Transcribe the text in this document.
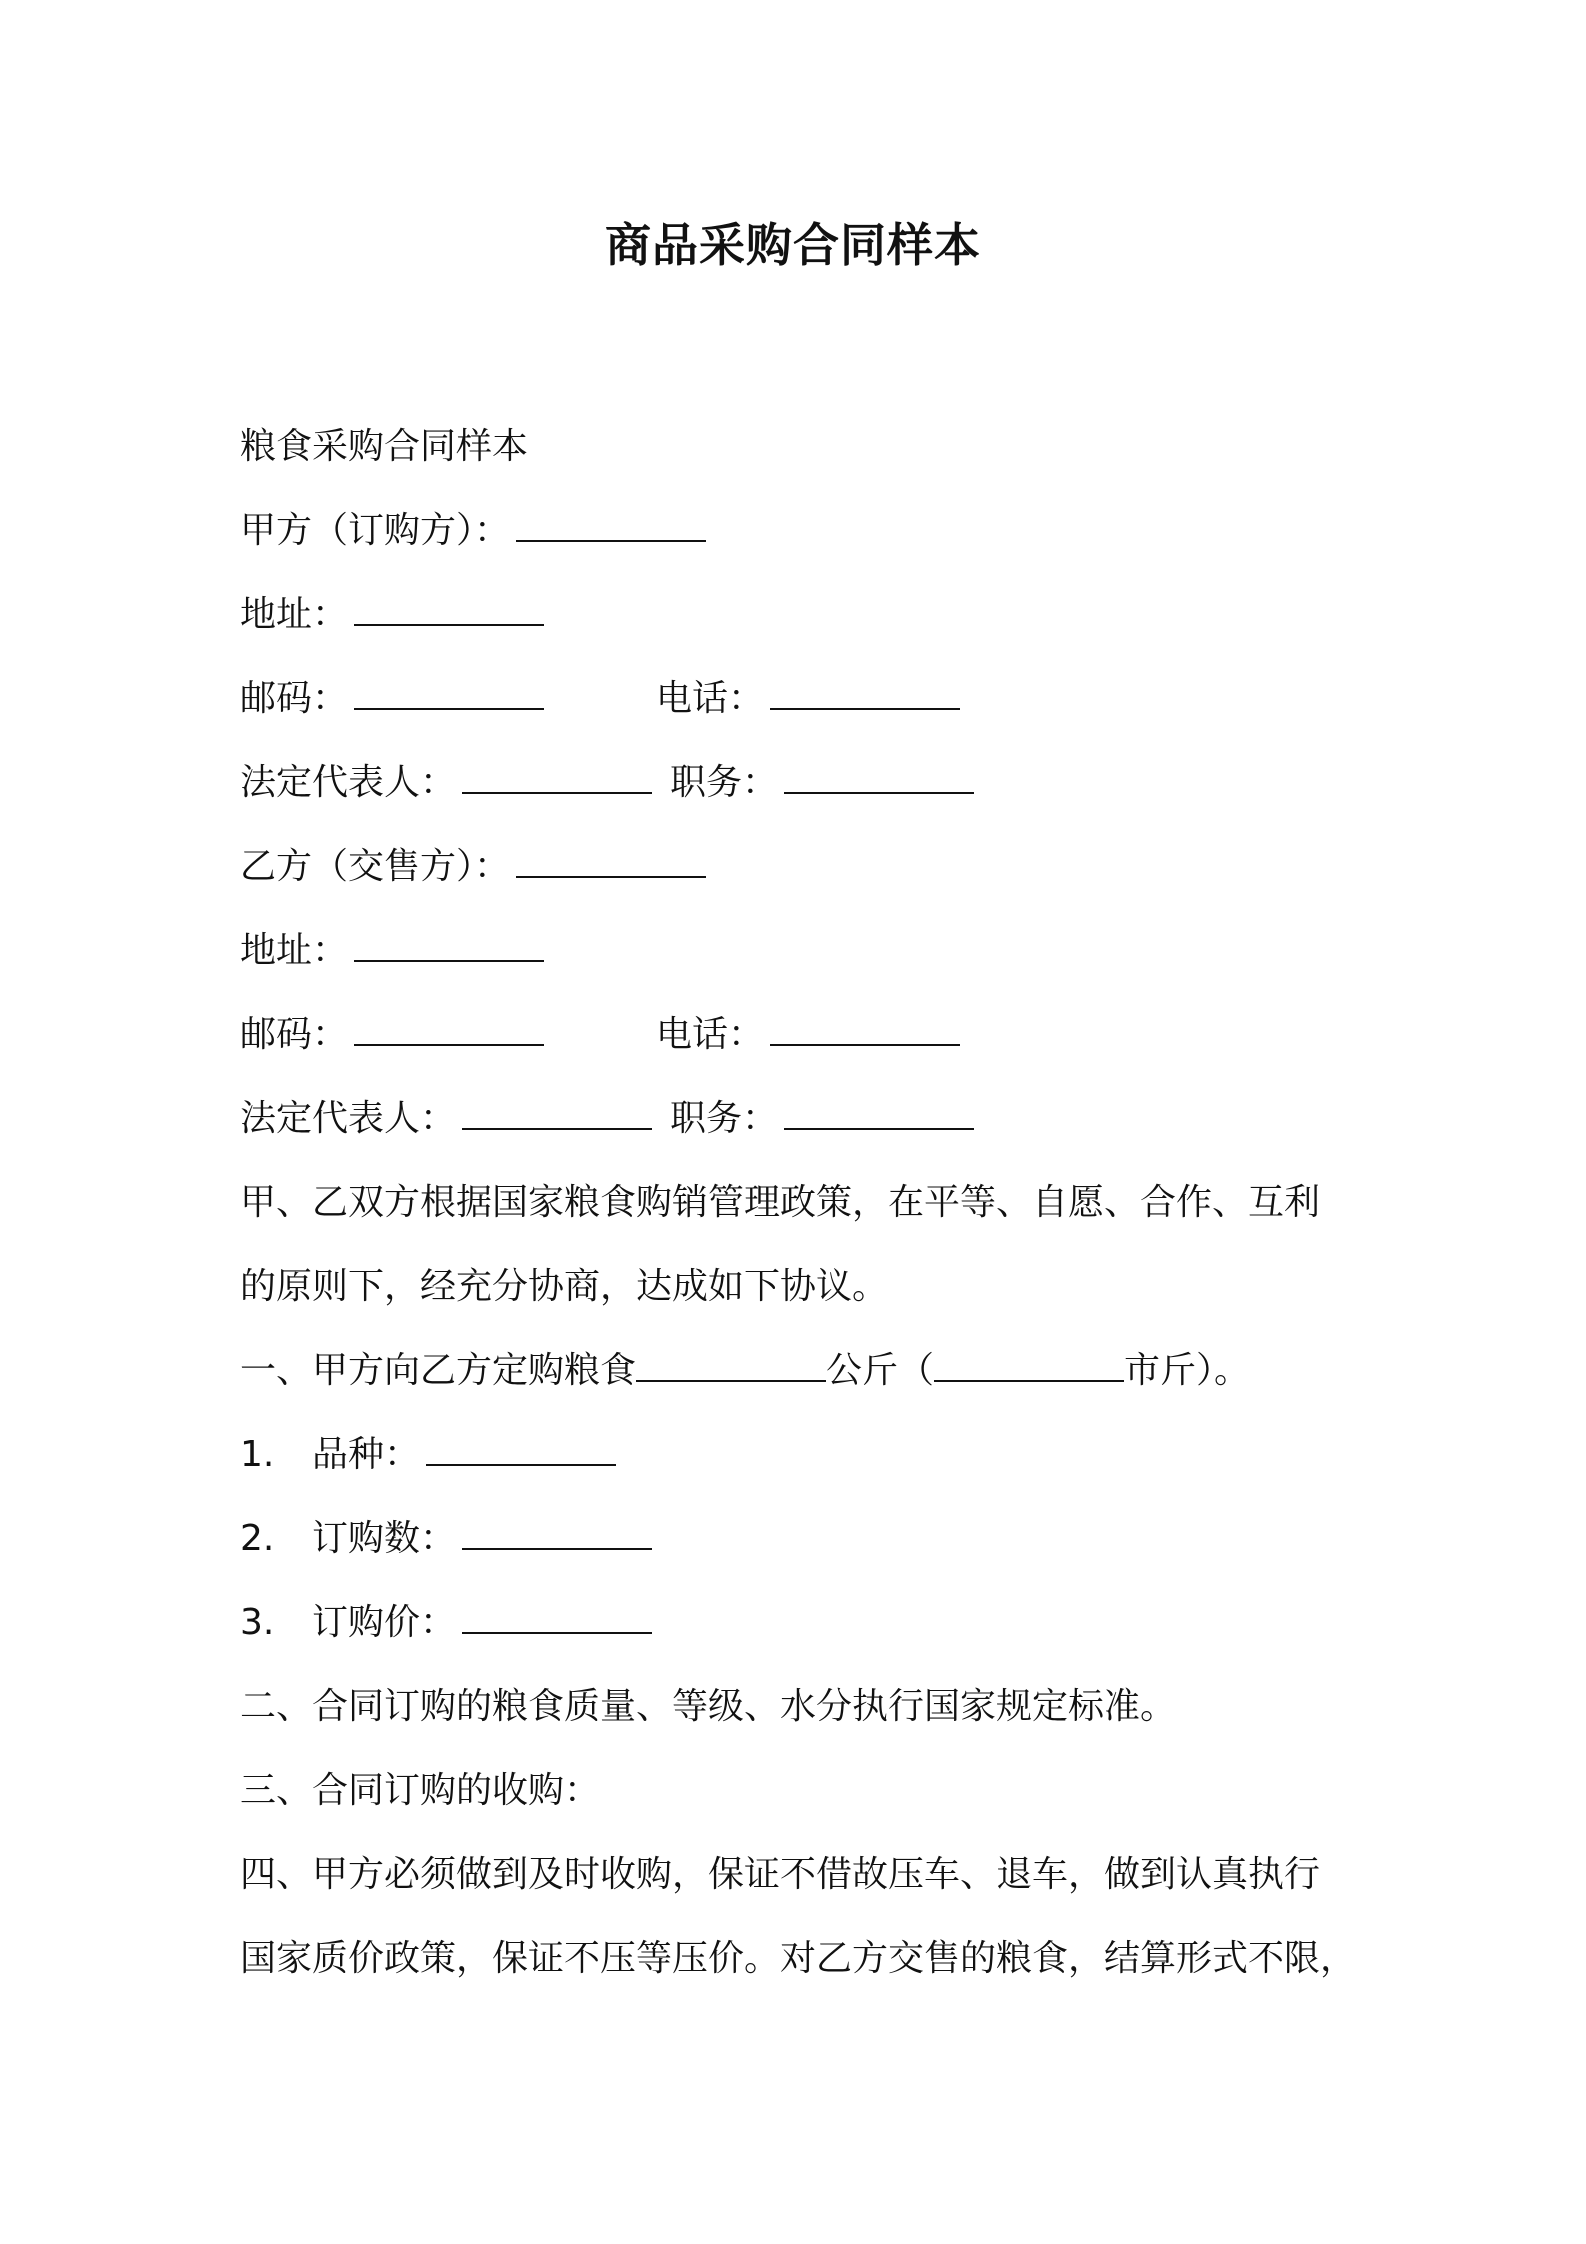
商品采购合同样本
粮食采购合同样本
甲方（订购方）：
地址：
邮码：	电话：
法定代表人：	职务：
乙方（交售方）：
地址：
邮码：	电话：
法定代表人：	职务：
甲、乙双方根据国家粮食购销管理政策，在平等、自愿、合作、互利
的原则下，经充分协商，达成如下协议。
一、甲方向乙方定购粮食	公斤（	市斤）。
1. 品种：
2. 订购数：
3. 订购价：
二、合同订购的粮食质量、等级、水分执行国家规定标准。
三、合同订购的收购：
四、甲方必须做到及时收购，保证不借故压车、退车，做到认真执行
国家质价政策，保证不压等压价。对乙方交售的粮食，结算形式不限，
